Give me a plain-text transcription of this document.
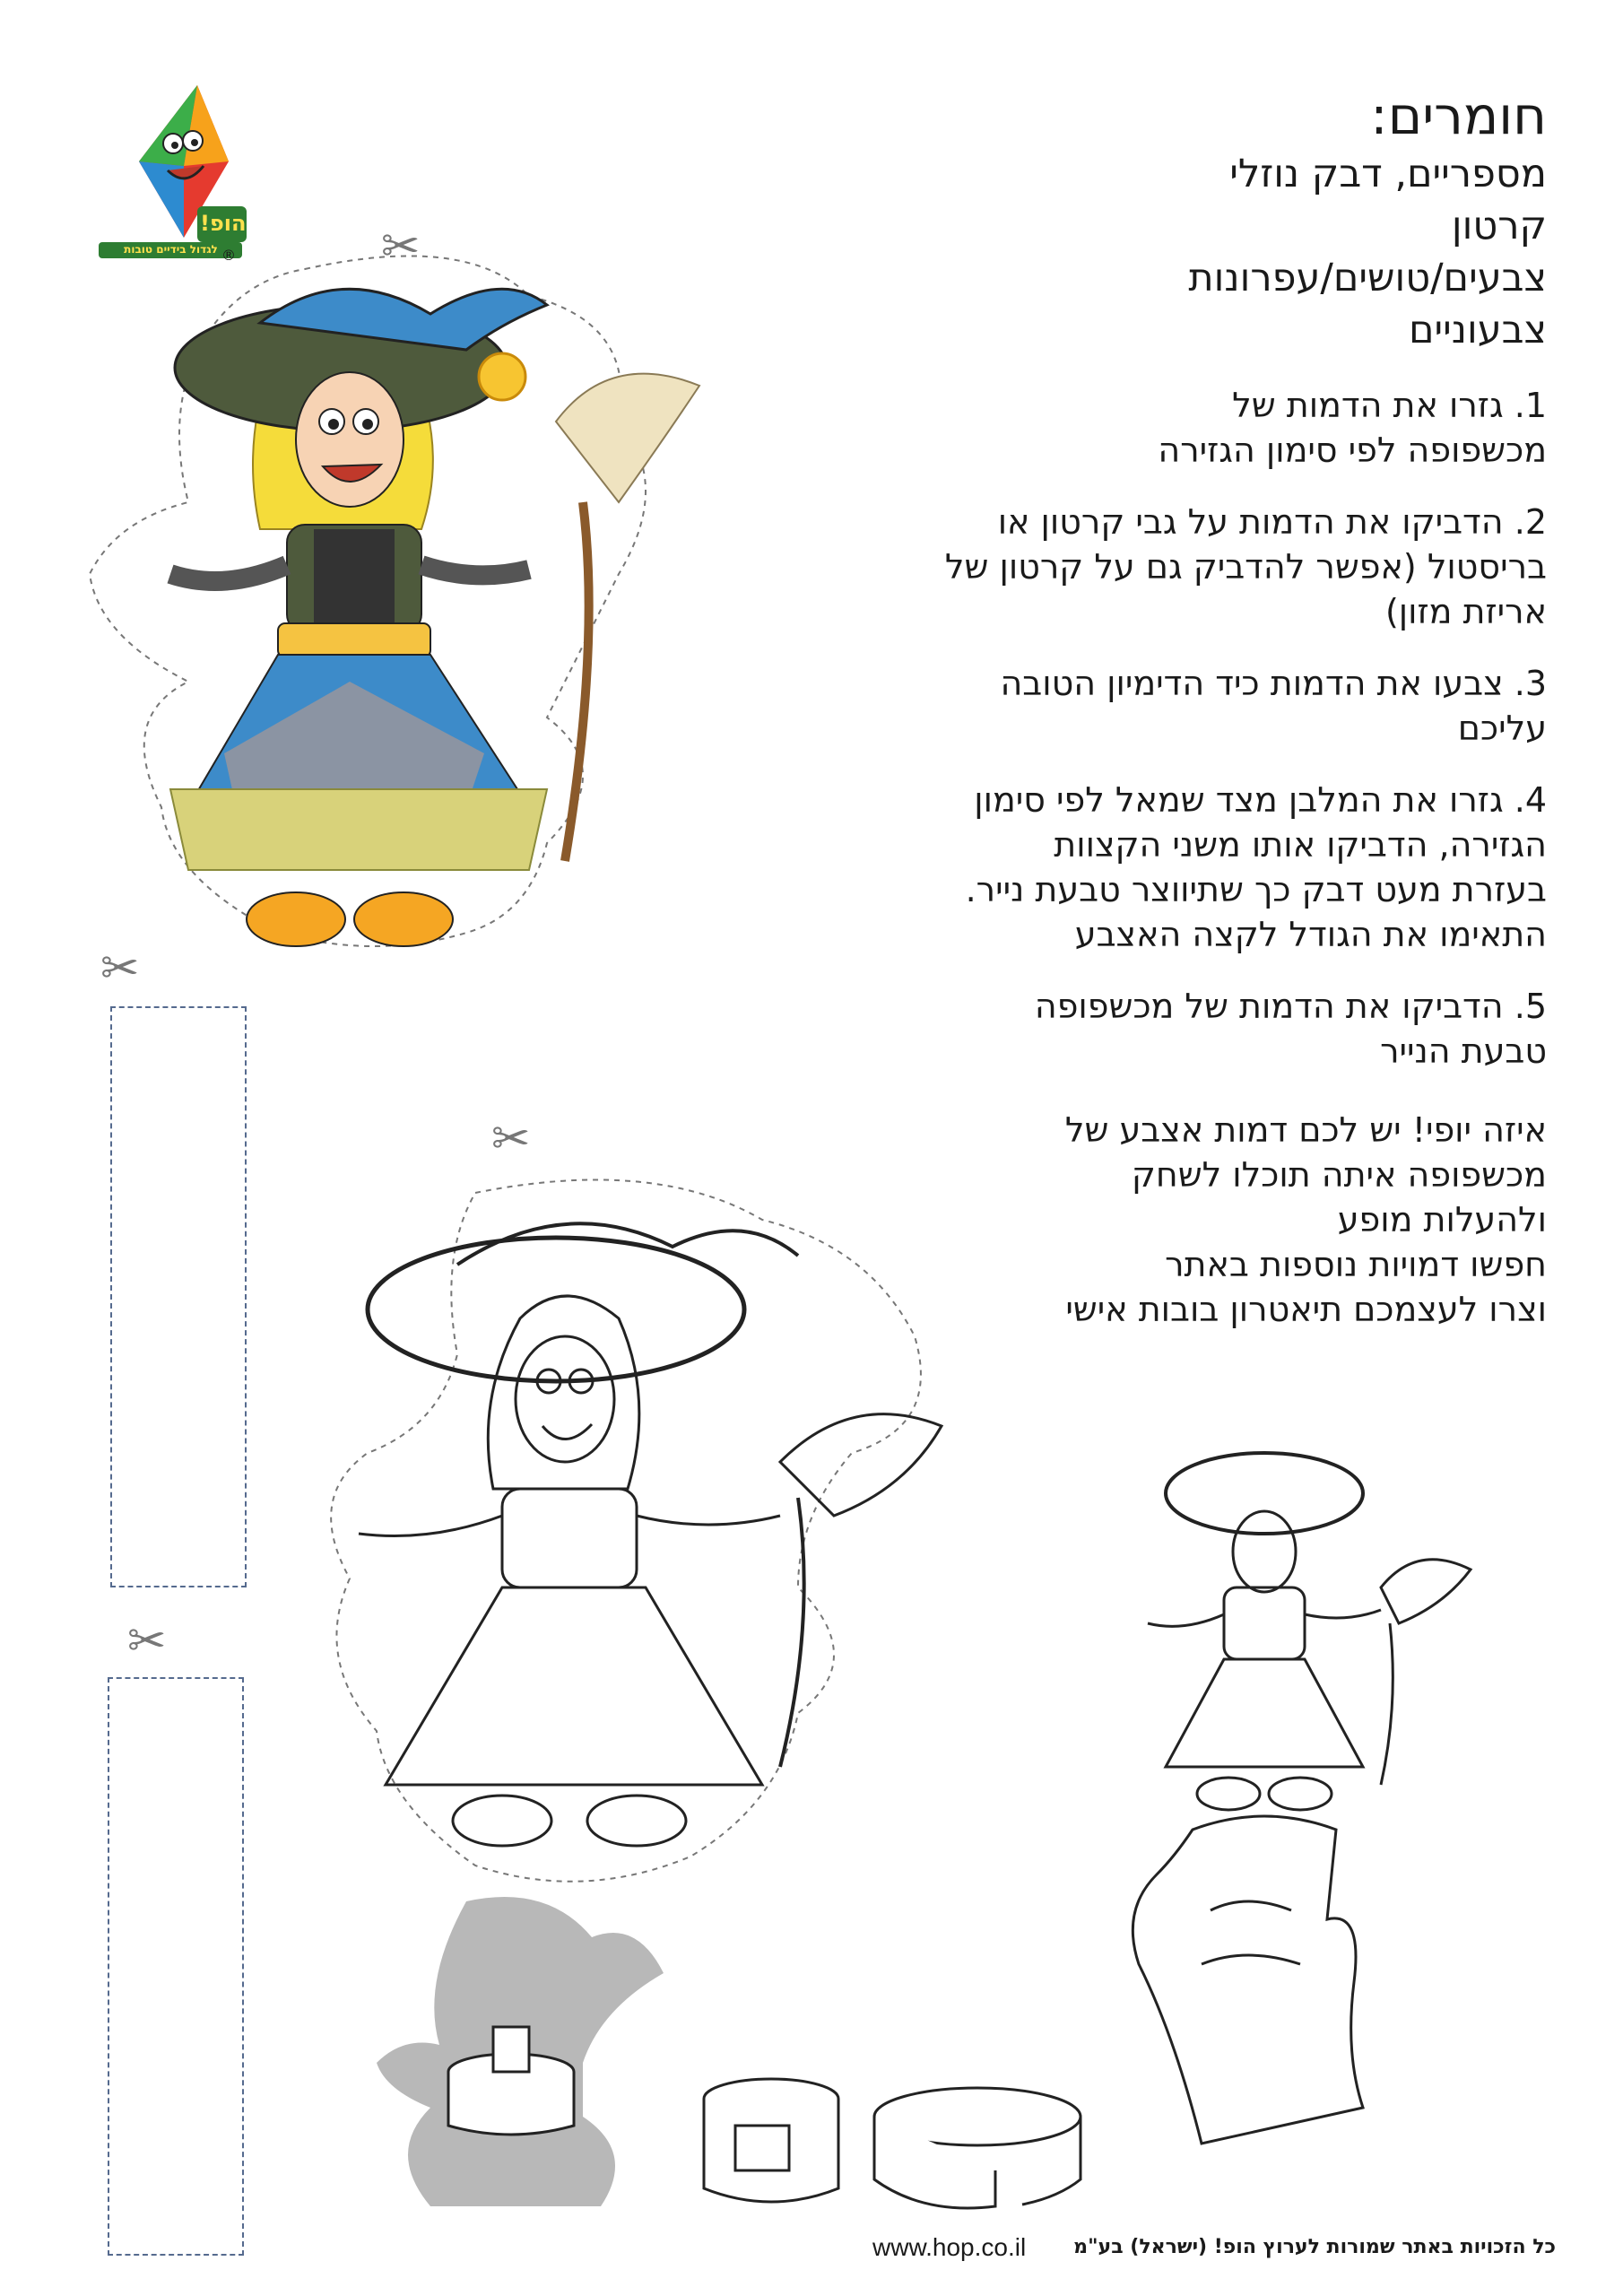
הופ!
לגדול בידיים טובות ®	✂
חומרים:

מספריים, דבק נוזלי

קרטון

צבעים/טושים/עפרונות

צבעוניים

1. גזרו את הדמות של
מכשפופה לפי סימון הגזירה
2. הדביקו את הדמות על גבי קרטון או
בריסטול (אפשר להדביק גם על קרטון של
אריזת מזון)
3. צבעו את הדמות כיד הדימיון הטובה
עליכם
4. גזרו את המלבן מצד שמאל לפי סימון
הגזירה, הדביקו אותו משני הקצוות
בעזרת מעט דבק כך שתיווצר טבעת נייר.
התאימו את הגודל לקצה האצבע
5. הדביקו את הדמות של מכשפופה
טבעת הנייר

איזה יופי! יש לכם דמות אצבע של

מכשפופה איתה תוכלו לשחק

ולהעלות מופע

חפשו דמויות נוספות באתר

וצרו לעצמכם תיאטרון בובות אישי

✂
✂
✂
www.hop.co.il כל הזכויות באתר שמורות לערוץ הופ! (ישראל) בע"מ
